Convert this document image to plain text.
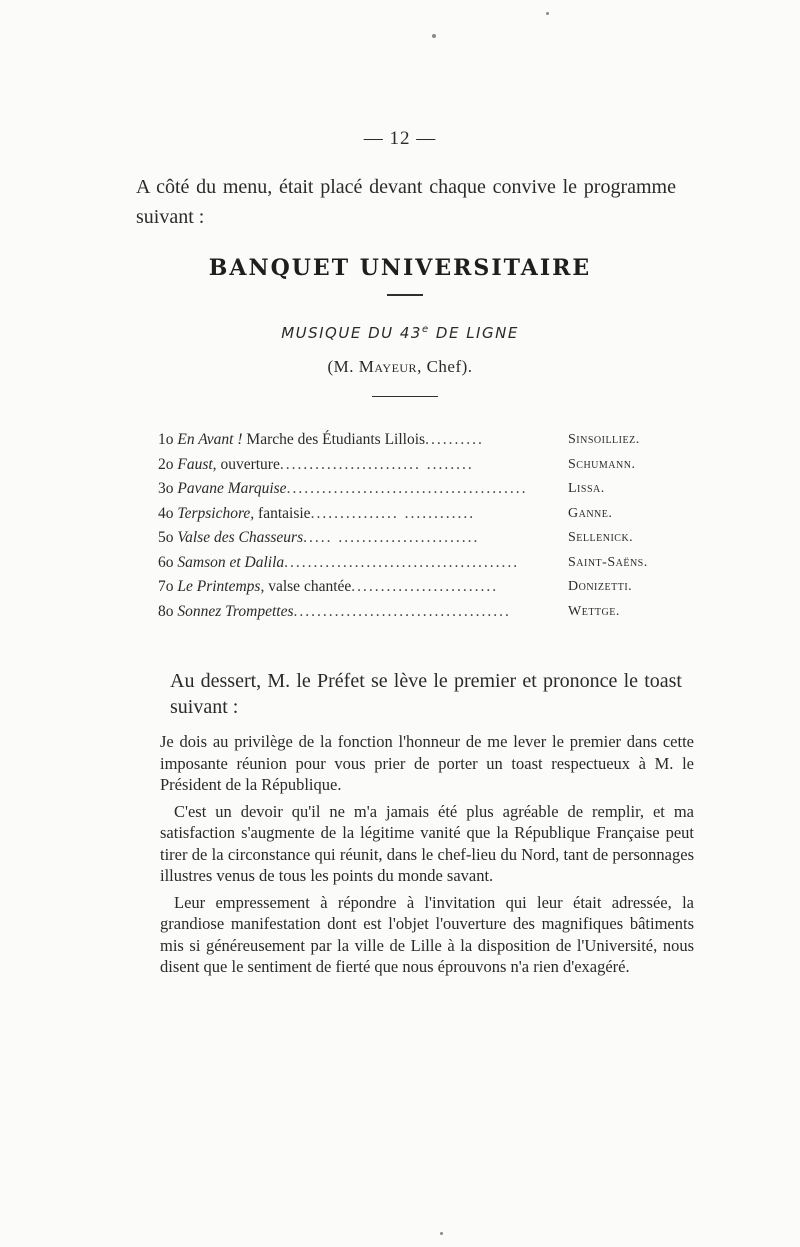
— 12 —
A côté du menu, était placé devant chaque convive le programme suivant :
BANQUET UNIVERSITAIRE
MUSIQUE DU 43e DE LIGNE
(M. Mayeur, Chef).
1o En Avant ! Marche des Étudiants Lillois..........	Sinsoilliez.
2o Faust, ouverture........................ ........	Schumann.
3o Pavane Marquise.........................................	Lissa.
4o Terpsichore, fantaisie............... ............	Ganne.
5o Valse des Chasseurs..... ........................	Sellenick.
6o Samson et Dalila........................................	Saint-Saëns.
7o Le Printemps, valse chantée.........................	Donizetti.
8o Sonnez Trompettes.....................................	Wettge.
Au dessert, M. le Préfet se lève le premier et prononce le toast suivant :

Je dois au privilège de la fonction l'honneur de me lever le premier dans cette imposante réunion pour vous prier de porter un toast respectueux à M. le Président de la République.

C'est un devoir qu'il ne m'a jamais été plus agréable de remplir, et ma satisfaction s'augmente de la légitime vanité que la République Française peut tirer de la circonstance qui réunit, dans le chef-lieu du Nord, tant de personnages illustres venus de tous les points du monde savant.

Leur empressement à répondre à l'invitation qui leur était adressée, la grandiose manifestation dont est l'objet l'ouverture des magnifiques bâtiments mis si généreusement par la ville de Lille à la disposition de l'Université, nous disent que le sentiment de fierté que nous éprouvons n'a rien d'exagéré.
